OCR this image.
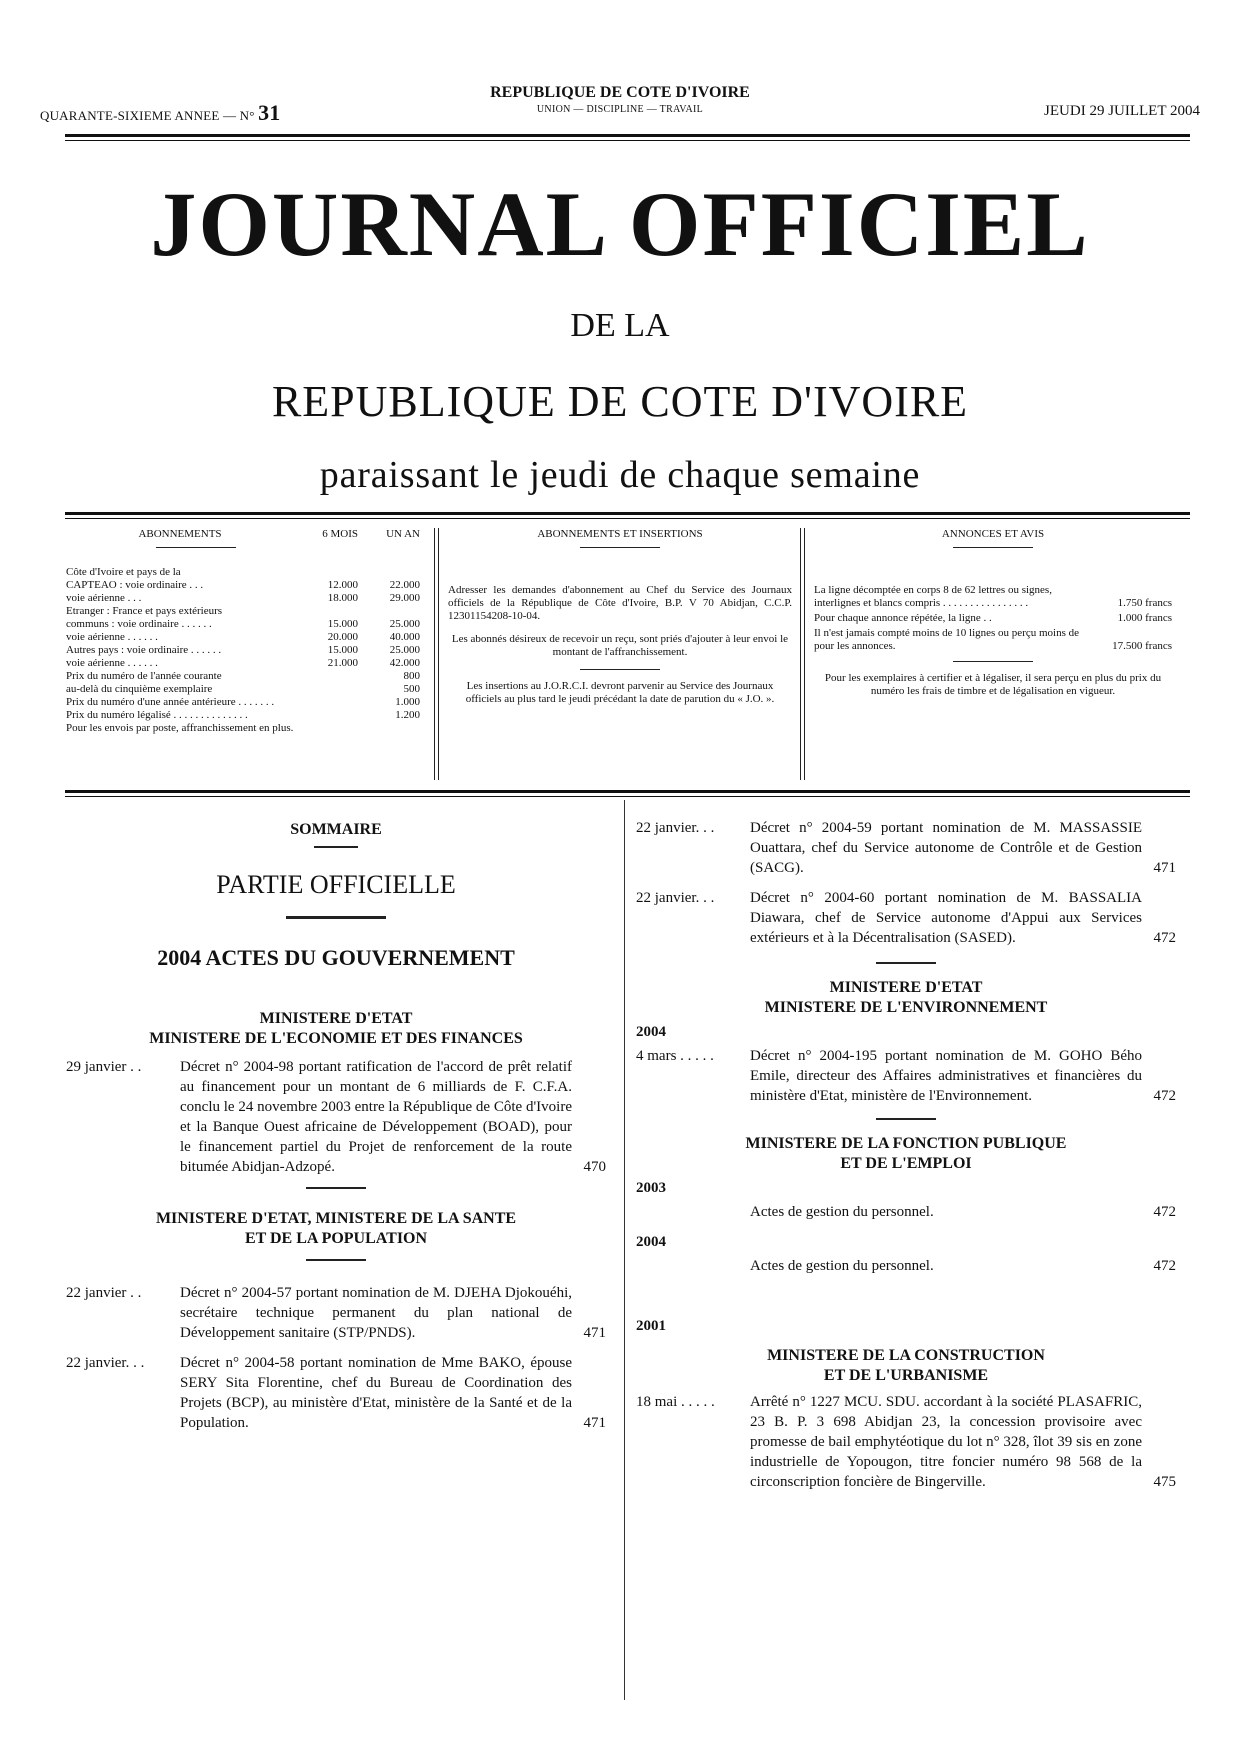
QUARANTE-SIXIEME ANNEE — N° 31
REPUBLIQUE DE COTE D'IVOIRE
UNION — DISCIPLINE — TRAVAIL	JEUDI 29 JUILLET 2004
JOURNAL OFFICIEL
DE LA
REPUBLIQUE DE COTE D'IVOIRE
paraissant le jeudi de chaque semaine
ABONNEMENTS	6 MOIS	UN AN
Côte d'Ivoire et pays de la
CAPTEAO : voie ordinaire . . .	12.000	22.000
voie aérienne . . .	18.000	29.000
Etranger : France et pays extérieurs
communs : voie ordinaire . . . . . .	15.000	25.000
voie aérienne . . . . . .	20.000	40.000
Autres pays : voie ordinaire . . . . . .	15.000	25.000
voie aérienne . . . . . .	21.000	42.000
Prix du numéro de l'année courante	800
au-delà du cinquième exemplaire	500
Prix du numéro d'une année antérieure . . . . . . .	1.000
Prix du numéro légalisé . . . . . . . . . . . . . .	1.200
Pour les envois par poste, affranchissement en plus.
ABONNEMENTS ET INSERTIONS
Adresser les demandes d'abonnement au Chef du Service des Journaux officiels de la République de Côte d'Ivoire, B.P. V 70 Abidjan, C.C.P. 12301154208-10-04.
Les abonnés désireux de recevoir un reçu, sont priés d'ajouter à leur envoi le montant de l'affranchissement.
Les insertions au J.O.R.C.I. devront parvenir au Service des Journaux officiels au plus tard le jeudi précédant la date de parution du « J.O. ».
ANNONCES ET AVIS
La ligne décomptée en corps 8 de 62 lettres ou signes, interlignes et blancs compris . . . . . . . . . . . . . . . .	1.750 francs
Pour chaque annonce répétée, la ligne . .	1.000 francs
Il n'est jamais compté moins de 10 lignes ou perçu moins de pour les annonces.	17.500 francs
Pour les exemplaires à certifier et à légaliser, il sera perçu en plus du prix du numéro les frais de timbre et de légalisation en vigueur.
SOMMAIRE
PARTIE OFFICIELLE
2004 ACTES DU GOUVERNEMENT
MINISTERE D'ETAT
MINISTERE DE L'ECONOMIE ET DES FINANCES
29 janvier . .	Décret n° 2004-98 portant ratification de l'accord de prêt relatif au financement pour un montant de 6 milliards de F. C.F.A. conclu le 24 novembre 2003 entre la République de Côte d'Ivoire et la Banque Ouest africaine de Développement (BOAD), pour le financement partiel du Projet de renforcement de la route bitumée Abidjan-Adzopé.	470
MINISTERE D'ETAT, MINISTERE DE LA SANTE
ET DE LA POPULATION
22 janvier . .	Décret n° 2004-57 portant nomination de M. DJEHA Djokouéhi, secrétaire technique permanent du plan national de Développement sanitaire (STP/PNDS).	471
22 janvier. . .	Décret n° 2004-58 portant nomination de Mme BAKO, épouse SERY Sita Florentine, chef du Bureau de Coordination des Projets (BCP), au ministère d'Etat, ministère de la Santé et de la Population.	471
22 janvier. . .	Décret n° 2004-59 portant nomination de M. MASSASSIE Ouattara, chef du Service autonome de Contrôle et de Gestion (SACG).	471
22 janvier. . .	Décret n° 2004-60 portant nomination de M. BASSALIA Diawara, chef de Service autonome d'Appui aux Services extérieurs et à la Décentralisation (SASED).	472
MINISTERE D'ETAT
MINISTERE DE L'ENVIRONNEMENT
2004
4 mars . . . . .	Décret n° 2004-195 portant nomination de M. GOHO Bého Emile, directeur des Affaires administratives et financières du ministère d'Etat, ministère de l'Environnement.	472
MINISTERE DE LA FONCTION PUBLIQUE
ET DE L'EMPLOI
2003
Actes de gestion du personnel.	472
2004
Actes de gestion du personnel.	472
2001
MINISTERE DE LA CONSTRUCTION
ET DE L'URBANISME
18 mai . . . . .	Arrêté n° 1227 MCU. SDU. accordant à la société PLASAFRIC, 23 B. P. 3 698 Abidjan 23, la concession provisoire avec promesse de bail emphytéotique du lot n° 328, îlot 39 sis en zone industrielle de Yopougon, titre foncier numéro 98 568 de la circonscription foncière de Bingerville.	475
